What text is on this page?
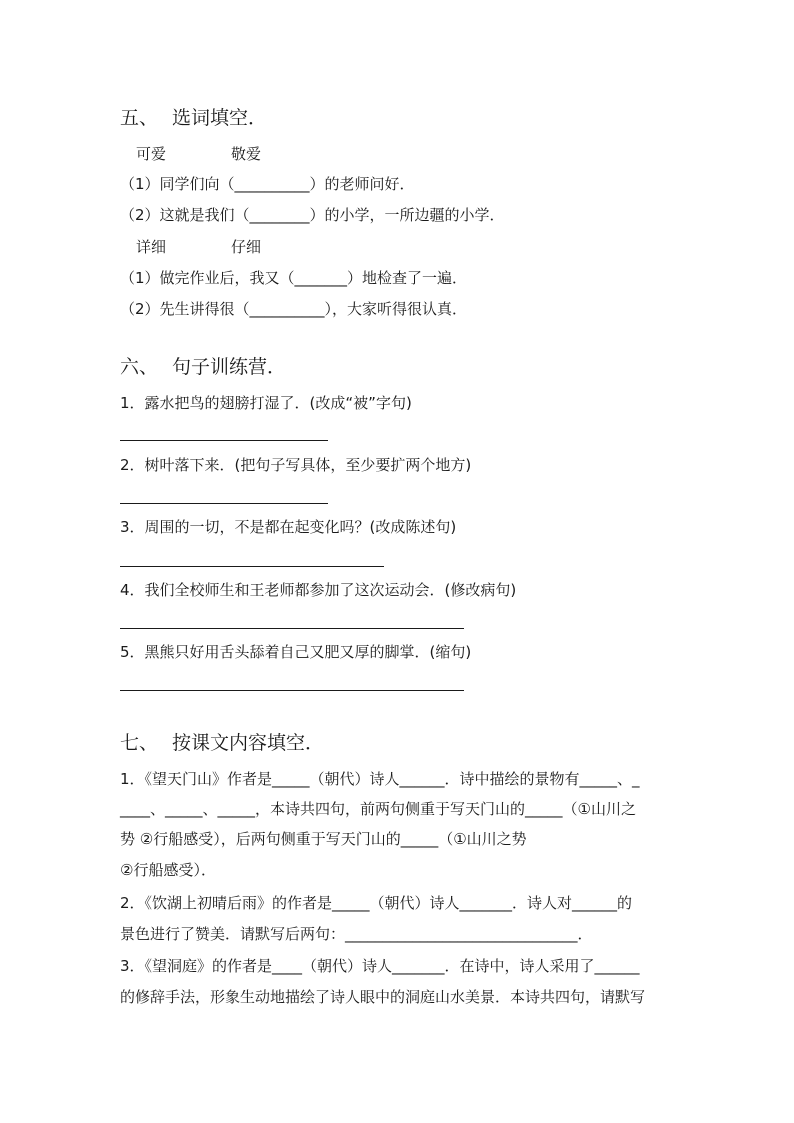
五、 选词填空．
可爱	敬爱
（1）同学们向（__________）的老师问好．
（2）这就是我们（________）的小学，一所边疆的小学．
详细	仔细
（1）做完作业后，我又（_______）地检查了一遍．
（2）先生讲得很（__________），大家听得很认真．
六、 句子训练营．
1．露水把鸟的翅膀打湿了．(改成“被”字句)
2．树叶落下来．(把句子写具体，至少要扩两个地方)
3．周围的一切，不是都在起变化吗？(改成陈述句)
4．我们全校师生和王老师都参加了这次运动会．(修改病句)
5．黑熊只好用舌头舔着自己又肥又厚的脚掌．(缩句)
七、 按课文内容填空．
1．《望天门山》作者是_____（朝代）诗人______．诗中描绘的景物有_____、_
____、_____、_____，本诗共四句，前两句侧重于写天门山的_____（①山川之
势 ②行船感受），后两句侧重于写天门山的_____（①山川之势
②行船感受）．
2．《饮湖上初晴后雨》的作者是_____（朝代）诗人_______．诗人对______的
景色进行了赞美．请默写后两句：_______________________________．
3．《望洞庭》的作者是____（朝代）诗人_______．在诗中，诗人采用了______
的修辞手法，形象生动地描绘了诗人眼中的洞庭山水美景．本诗共四句，请默写
